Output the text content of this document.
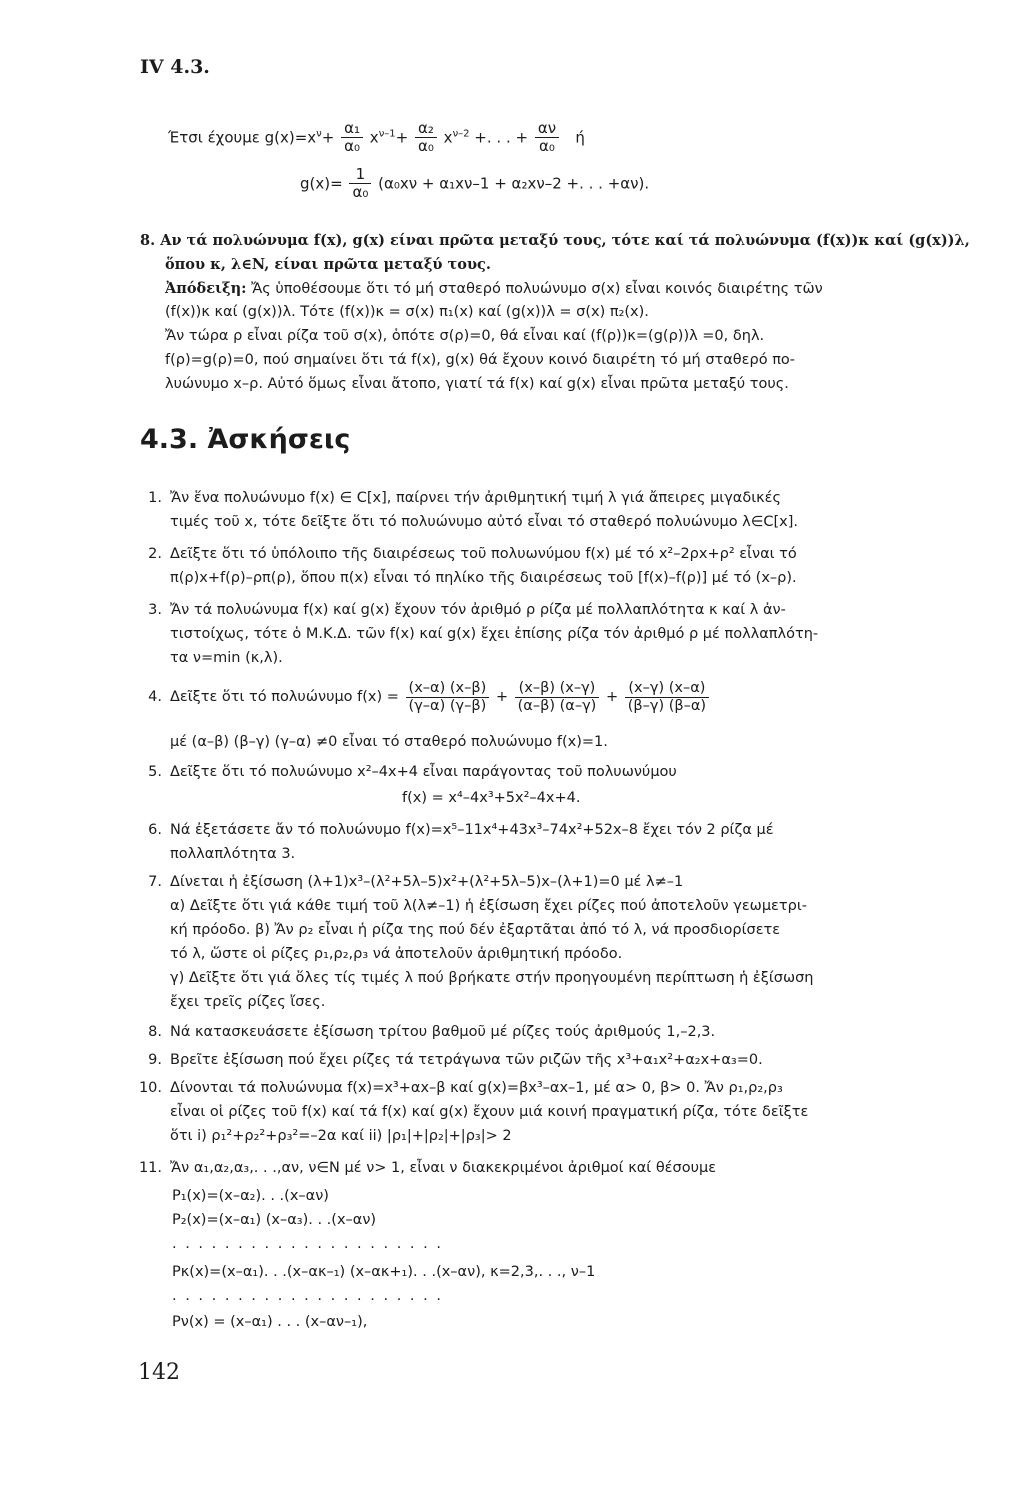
IV 4.3.
Έτσι έχουμε $g(x)=x^\nu+ \frac{\text{α₁}}{\text{α₀}} x^{\nu-1}+ \frac{\text{α₂}}{\text{α₀}} x^{\nu-2}$ +. . . + $\frac{\alpha\nu}{\text{α₀}}$ ή
$g(x)= \frac{1}{\text{α₀}} (\alpha_0x\nu + \alpha_1x\nu-1 + \alpha_2x\nu-2$ +. . . +αν).
8. Αν τά πολυώνυμα f(x), g(x) είναι πρῶτα μεταξύ τους, τότε καί τά πολυώνυμα (f(x))κ καί (g(x))λ,
ὅπου κ, λ∈N, είναι πρῶτα μεταξύ τους.
Ἀπόδειξη: Ἄς ὑποθέσουμε ὅτι τό μή σταθερό πολυώνυμο σ(x) εἶναι κοινός διαιρέτης τῶν
(f(x))κ καί (g(x))λ. Τότε (f(x))κ = σ(x) π₁(x) καί (g(x))λ = σ(x) π₂(x).
Ἄν τώρα ρ εἶναι ρίζα τοῦ σ(x), ὁπότε σ(ρ)=0, θά εἶναι καί (f(ρ))κ=(g(ρ))λ =0, δηλ.
f(ρ)=g(ρ)=0, πού σημαίνει ὅτι τά f(x), g(x) θά ἔχουν κοινό διαιρέτη τό μή σταθερό πο-
λυώνυμο x–ρ. Αὐτό ὅμως εἶναι ἄτοπο, γιατί τά f(x) καί g(x) εἶναι πρῶτα μεταξύ τους.
4.3. Ἀσκήσεις
1. Ἄν ἕνα πολυώνυμο f(x) ∈ C[x], παίρνει τήν ἀριθμητική τιμή λ γιά ἄπειρες μιγαδικές
τιμές τοῦ x, τότε δεῖξτε ὅτι τό πολυώνυμο αὐτό εἶναι τό σταθερό πολυώνυμο λ∈C[x].
2. Δεῖξτε ὅτι τό ὑπόλοιπο τῆς διαιρέσεως τοῦ πολυωνύμου f(x) μέ τό x²–2ρx+ρ² εἶναι τό
π(ρ)x+f(ρ)–ρπ(ρ), ὅπου π(x) εἶναι τό πηλίκο τῆς διαιρέσεως τοῦ [f(x)–f(ρ)] μέ τό (x–ρ).
3. Ἄν τά πολυώνυμα f(x) καί g(x) ἔχουν τόν ἀριθμό ρ ρίζα μέ πολλαπλότητα κ καί λ ἀν-
τιστοίχως, τότε ὁ Μ.Κ.Δ. τῶν f(x) καί g(x) ἔχει ἐπίσης ρίζα τόν ἀριθμό ρ μέ πολλαπλότη-
τα ν=min (κ,λ).
4. Δεῖξτε ὅτι τό πολυώνυμο $f(x) = \frac{(x-\alpha) (x-\beta)}{(\gamma-\alpha) (\gamma-\beta)} + \frac{(x-\beta) (x-\gamma)}{(\alpha-\beta) (\alpha-\gamma)} + \frac{(x-\gamma) (x-\alpha)}{(\beta-\gamma) (\beta-\alpha)}$
μέ (α–β) (β–γ) (γ–α) ≠0 εἶναι τό σταθερό πολυώνυμο f(x)=1.
5. Δεῖξτε ὅτι τό πολυώνυμο x²–4x+4 εἶναι παράγοντας τοῦ πολυωνύμου
f(x) = x⁴–4x³+5x²–4x+4.
6. Νά ἐξετάσετε ἄν τό πολυώνυμο f(x)=x⁵–11x⁴+43x³–74x²+52x–8 ἔχει τόν 2 ρίζα μέ
πολλαπλότητα 3.
7. Δίνεται ἡ ἐξίσωση (λ+1)x³–(λ²+5λ–5)x²+(λ²+5λ–5)x–(λ+1)=0 μέ λ≠–1
α) Δεῖξτε ὅτι γιά κάθε τιμή τοῦ λ(λ≠–1) ἡ ἐξίσωση ἔχει ρίζες πού ἀποτελοῦν γεωμετρι-
κή πρόοδο. β) Ἄν ρ₂ εἶναι ἡ ρίζα της πού δέν ἐξαρτᾶται ἀπό τό λ, νά προσδιορίσετε
τό λ, ὥστε οἱ ρίζες ρ₁,ρ₂,ρ₃ νά ἀποτελοῦν ἀριθμητική πρόοδο.
γ) Δεῖξτε ὅτι γιά ὅλες τίς τιμές λ πού βρήκατε στήν προηγουμένη περίπτωση ἡ ἐξίσωση
ἔχει τρεῖς ρίζες ἴσες.
8. Νά κατασκευάσετε ἐξίσωση τρίτου βαθμοῦ μέ ρίζες τούς ἀριθμούς 1,–2,3.
9. Βρεῖτε ἐξίσωση πού ἔχει ρίζες τά τετράγωνα τῶν ριζῶν τῆς x³+α₁x²+α₂x+α₃=0.
10. Δίνονται τά πολυώνυμα f(x)=x³+αx–β καί g(x)=βx³–αx–1, μέ α> 0, β> 0. Ἄν ρ₁,ρ₂,ρ₃
εἶναι οἱ ρίζες τοῦ f(x) καί τά f(x) καί g(x) ἔχουν μιά κοινή πραγματική ρίζα, τότε δεῖξτε
ὅτι i) ρ₁²+ρ₂²+ρ₃²=–2α καί ii) |ρ₁|+|ρ₂|+|ρ₃|> 2
11. Ἄν α₁,α₂,α₃,. . .,αν, ν∈N μέ ν> 1, εἶναι ν διακεκριμένοι ἀριθμοί καί θέσουμε
P₁(x)=(x–α₂). . .(x–αν)
P₂(x)=(x–α₁) (x–α₃). . .(x–αν)
. . . . . . . . . . . . . . . . . . . . .
Pκ(x)=(x–α₁). . .(x–ακ–₁) (x–ακ+₁). . .(x–αν), κ=2,3,. . ., ν–1
. . . . . . . . . . . . . . . . . . . . .
Pν(x) = (x–α₁) . . . (x–αν–₁),
142
